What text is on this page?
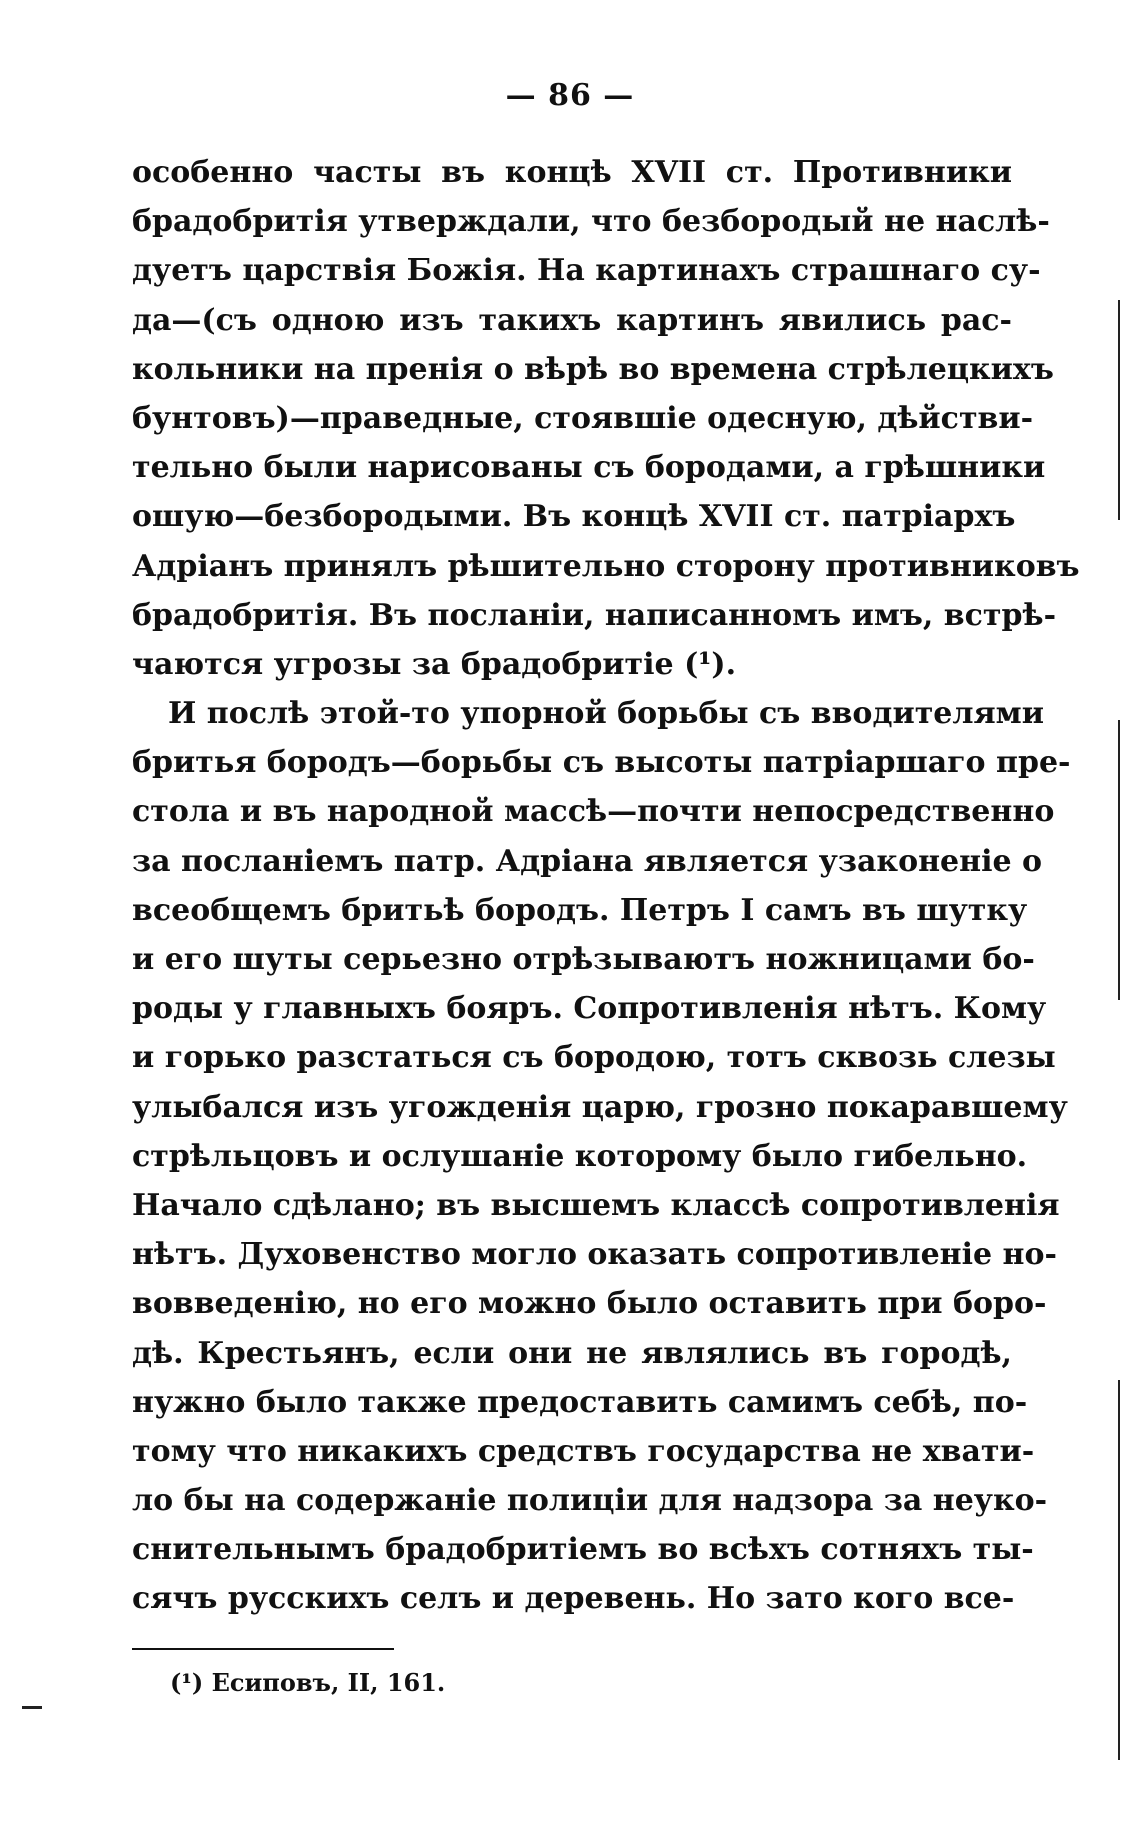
— 86 —
особенно часты въ концѣ XVII ст. Противники
брадобритія утверждали, что безбородый не наслѣ-
дуетъ царствія Божія. На картинахъ страшнаго су-
да—(съ одною изъ такихъ картинъ явились рас-
кольники на пренія о вѣрѣ во времена стрѣлецкихъ
бунтовъ)—праведные, стоявшіе одесную, дѣйстви-
тельно были нарисованы съ бородами, а грѣшники
ошую—безбородыми. Въ концѣ XVII ст. патріархъ
Адріанъ принялъ рѣшительно сторону противниковъ
брадобритія. Въ посланіи, написанномъ имъ, встрѣ-
чаются угрозы за брадобритіе (¹).
И послѣ этой-то упорной борьбы съ вводителями
бритья бородъ—борьбы съ высоты патріаршаго пре-
стола и въ народной массѣ—почти непосредственно
за посланіемъ патр. Адріана является узаконеніе о
всеобщемъ бритьѣ бородъ. Петръ I самъ въ шутку
и его шуты серьезно отрѣзываютъ ножницами бо-
роды у главныхъ бояръ. Сопротивленія нѣтъ. Кому
и горько разстаться съ бородою, тотъ сквозь слезы
улыбался изъ угожденія царю, грозно покаравшему
стрѣльцовъ и ослушаніе которому было гибельно.
Начало сдѣлано; въ высшемъ классѣ сопротивленія
нѣтъ. Духовенство могло оказать сопротивленіе но-
вовведенію, но его можно было оставить при боро-
дѣ. Крестьянъ, если они не являлись въ городѣ,
нужно было также предоставить самимъ себѣ, по-
тому что никакихъ средствъ государства не хвати-
ло бы на содержаніе полиціи для надзора за неуко-
снительнымъ брадобритіемъ во всѣхъ сотняхъ ты-
сячъ русскихъ селъ и деревень. Но зато кого все-
(¹) Есиповъ, II, 161.
